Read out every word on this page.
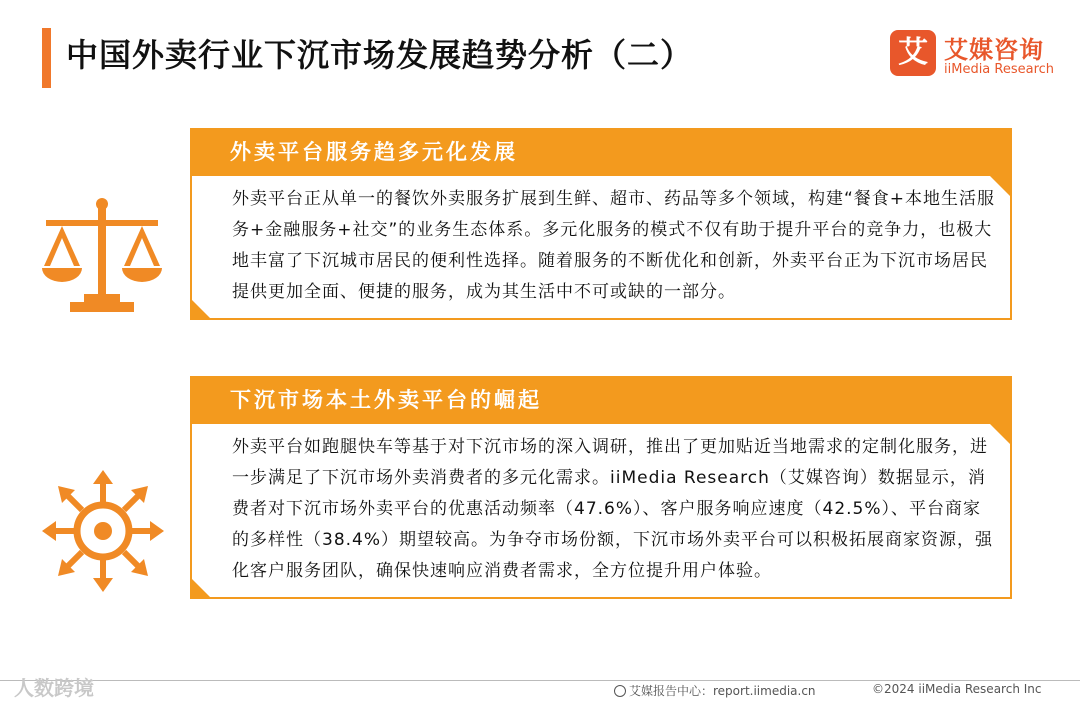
中国外卖行业下沉市场发展趋势分析（二）	艾 艾媒咨询
iiMedia Research
外卖平台服务趋多元化发展
外卖平台正从单一的餐饮外卖服务扩展到生鲜、超市、药品等多个领域，构建“餐食+本地生活服务+金融服务+社交”的业务生态体系。多元化服务的模式不仅有助于提升平台的竞争力，也极大地丰富了下沉城市居民的便利性选择。随着服务的不断优化和创新，外卖平台正为下沉市场居民提供更加全面、便捷的服务，成为其生活中不可或缺的一部分。
下沉市场本土外卖平台的崛起
外卖平台如跑腿快车等基于对下沉市场的深入调研，推出了更加贴近当地需求的定制化服务，进一步满足了下沉市场外卖消费者的多元化需求。iiMedia Research（艾媒咨询）数据显示，消费者对下沉市场外卖平台的优惠活动频率（47.6%）、客户服务响应速度（42.5%）、平台商家的多样性（38.4%）期望较高。为争夺市场份额，下沉市场外卖平台可以积极拓展商家资源，强化客户服务团队，确保快速响应消费者需求，全方位提升用户体验。
人数跨境	艾媒报告中心：report.iimedia.cn	©2024 iiMedia Research Inc
